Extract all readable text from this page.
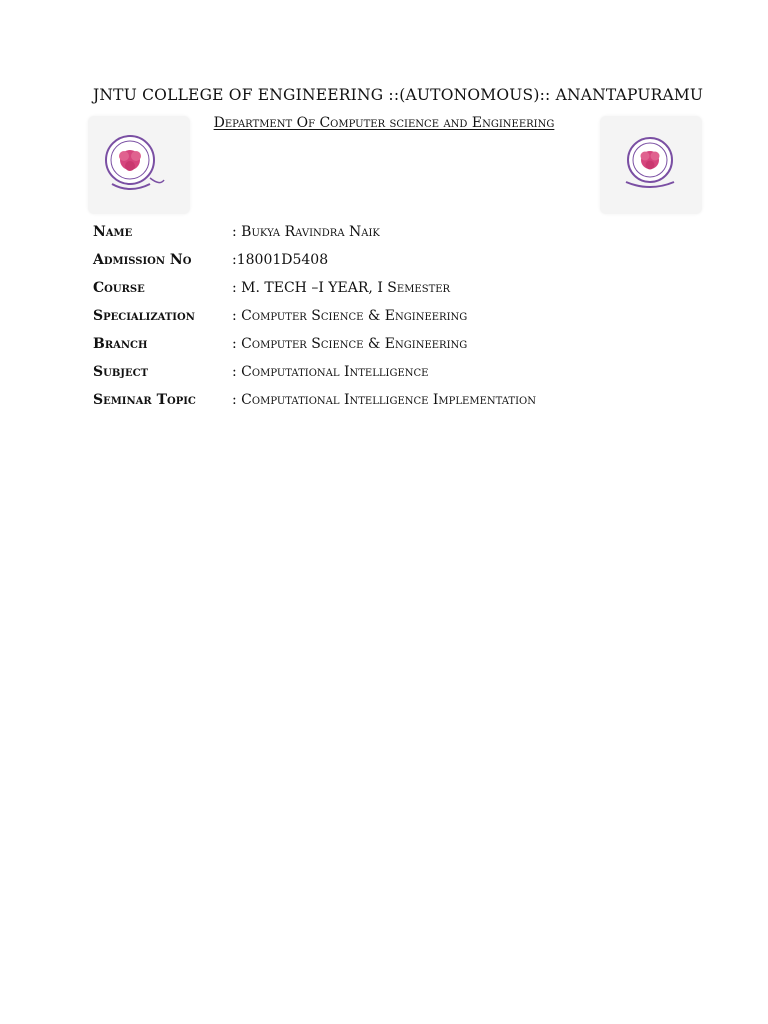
JNTU COLLEGE OF ENGINEERING ::(AUTONOMOUS):: ANANTAPURAMU
Department Of Computer science and Engineering
Name	: Bukya Ravindra Naik
Admission No	:18001D5408
Course	: M. TECH –I YEAR, I Semester
Specialization	: Computer Science & Engineering
Branch	: Computer Science & Engineering
Subject	: Computational Intelligence
Seminar Topic	: Computational Intelligence Implementation
